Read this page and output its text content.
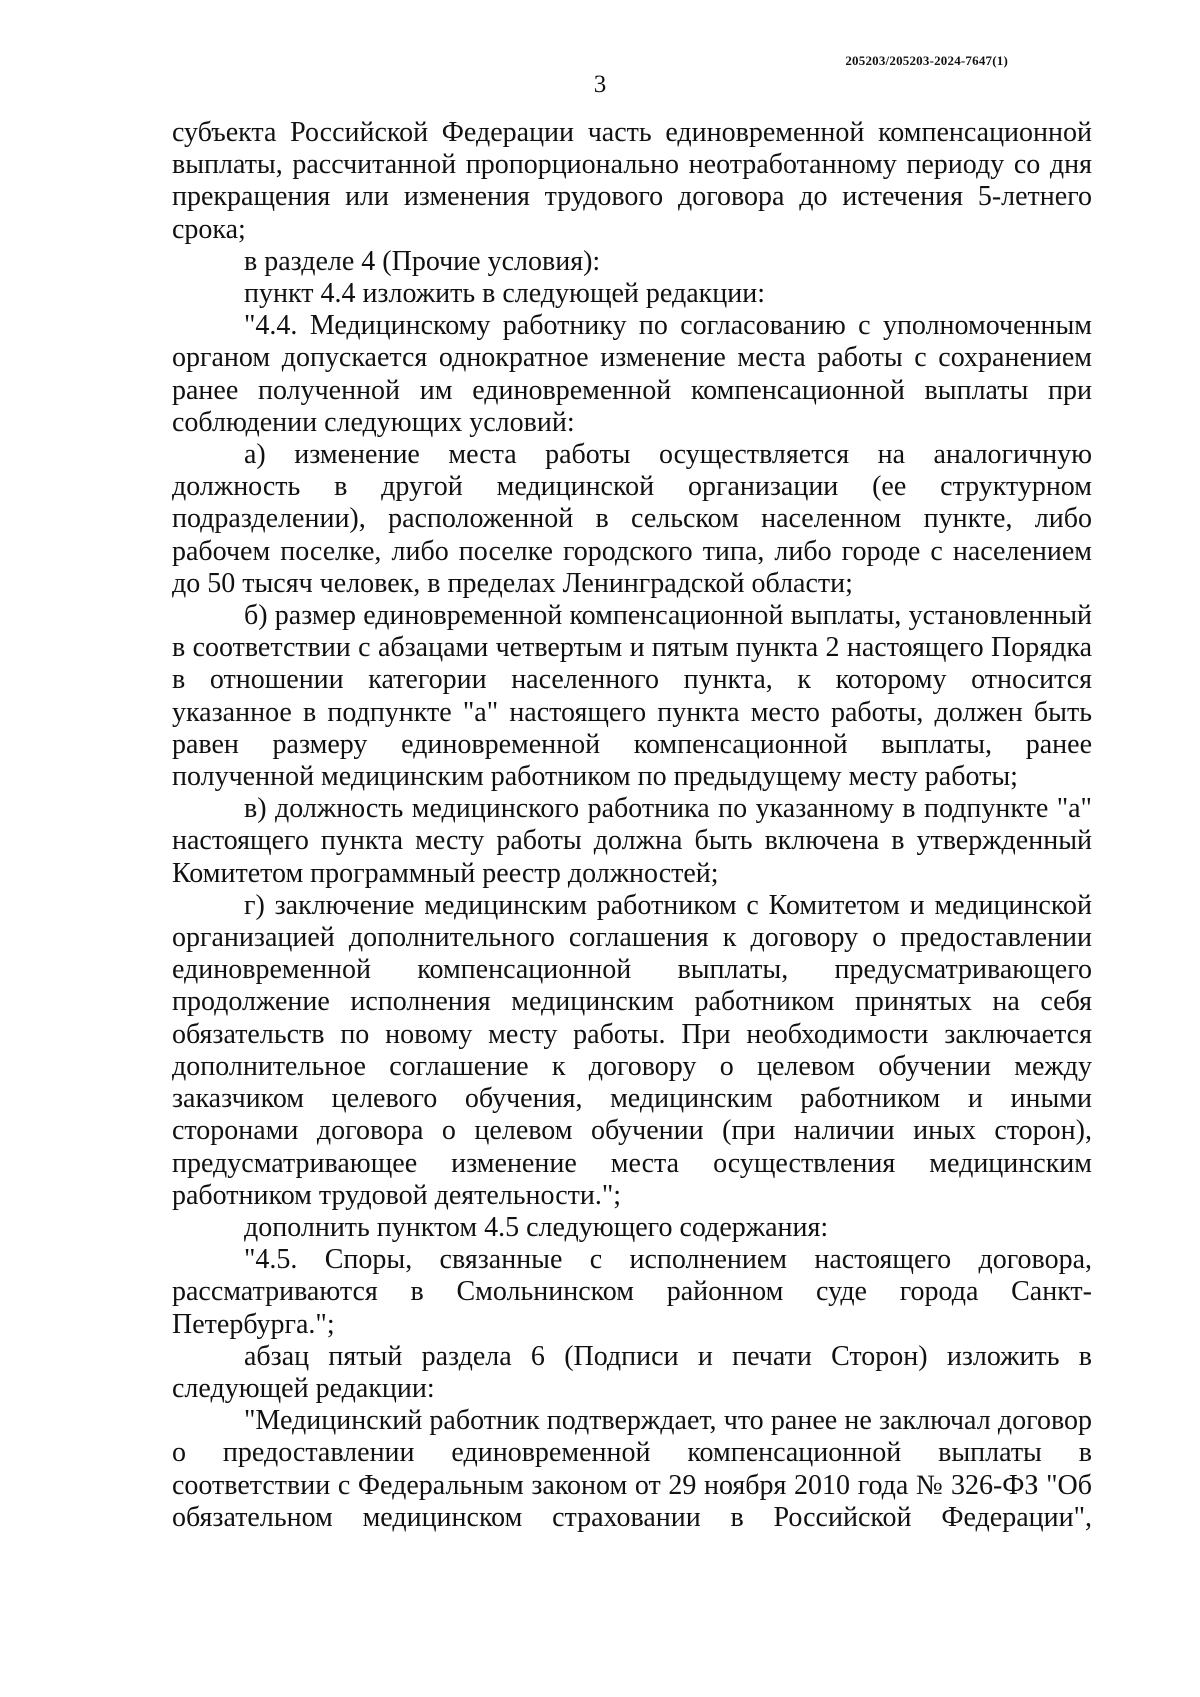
205203/205203-2024-7647(1)
3

субъекта Российской Федерации часть единовременной компенсационной выплаты, рассчитанной пропорционально неотработанному периоду со дня прекращения или изменения трудового договора до истечения 5-летнего срока;

в разделе 4 (Прочие условия):

пункт 4.4 изложить в следующей редакции:

"4.4. Медицинскому работнику по согласованию с уполномоченным органом допускается однократное изменение места работы с сохранением ранее полученной им единовременной компенсационной выплаты при соблюдении следующих условий:

а) изменение места работы осуществляется на аналогичную должность в другой медицинской организации (ее структурном подразделении), расположенной в сельском населенном пункте, либо рабочем поселке, либо поселке городского типа, либо городе с населением до 50 тысяч человек, в пределах Ленинградской области;

б) размер единовременной компенсационной выплаты, установленный в соответствии с абзацами четвертым и пятым пункта 2 настоящего Порядка в отношении категории населенного пункта, к которому относится указанное в подпункте "а" настоящего пункта место работы, должен быть равен размеру единовременной компенсационной выплаты, ранее полученной медицинским работником по предыдущему месту работы;

в) должность медицинского работника по указанному в подпункте "а" настоящего пункта месту работы должна быть включена в утвержденный Комитетом программный реестр должностей;

г) заключение медицинским работником с Комитетом и медицинской организацией дополнительного соглашения к договору о предоставлении единовременной компенсационной выплаты, предусматривающего продолжение исполнения медицинским работником принятых на себя обязательств по новому месту работы. При необходимости заключается дополнительное соглашение к договору о целевом обучении между заказчиком целевого обучения, медицинским работником и иными сторонами договора о целевом обучении (при наличии иных сторон), предусматривающее изменение места осуществления медицинским работником трудовой деятельности.";

дополнить пунктом 4.5 следующего содержания:

"4.5. Споры, связанные с исполнением настоящего договора, рассматриваются в Смольнинском районном суде города Санкт-Петербурга.";

абзац пятый раздела 6 (Подписи и печати Сторон) изложить в следующей редакции:

"Медицинский работник подтверждает, что ранее не заключал договор о предоставлении единовременной компенсационной выплаты в соответствии с Федеральным законом от 29 ноября 2010 года № 326-ФЗ "Об обязательном медицинском страховании в Российской Федерации",
